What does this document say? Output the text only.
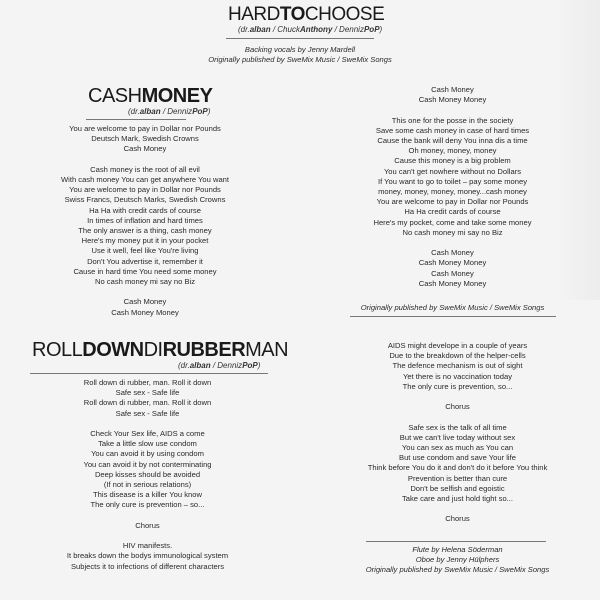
HARDTOCHOOSE
(dr.alban / ChuckAnthony / DennizPoP)
Backing vocals by Jenny Mardell
Originally published by SweMix Music / SweMix Songs
CASHMONEY
(dr.alban / DennizPoP)
You are welcome to pay in Dollar nor Pounds
Deutsch Mark, Swedish Crowns
Cash Money
Cash money is the root of all evil
With cash money You can get anywhere You want
You are welcome to pay in Dollar nor Pounds
Swiss Francs, Deutsch Marks, Swedish Crowns
Ha Ha with credit cards of course
In times of inflation and hard times
The only answer is a thing, cash money
Here's my money put it in your pocket
Use it well, feel like You're living
Don't You advertise it, remember it
Cause in hard time You need some money
No cash money mi say no Biz
Cash Money
Cash Money Money
Cash Money
Cash Money Money
This one for the posse in the society
Save some cash money in case of hard times
Cause the bank will deny You inna dis a time
Oh money, money, money
Cause this money is a big problem
You can't get nowhere without no Dollars
If You want to go to toilet – pay some money
money, money, money, money...cash money
You are welcome to pay in Dollar nor Pounds
Ha Ha credit cards of course
Here's my pocket, come and take some money
No cash money mi say no Biz
Cash Money
Cash Money Money
Cash Money
Cash Money Money
Originally published by SweMix Music / SweMix Songs
ROLLDOWNDIRUBBERMAN
(dr.alban / DennizPoP)
Roll down di rubber, man. Roll it down
Safe sex - Safe life
Roll down di rubber, man. Roll it down
Safe sex - Safe life
Check Your Sex life, AIDS a come
Take a little slow use condom
You can avoid it by using condom
You can avoid it by not conterminating
Deep kisses should be avoided
(If not in serious relations)
This disease is a killer You know
The only cure is prevention – so...
Chorus
HIV manifests.
It breaks down the bodys immunological system
Subjects it to infections of different characters
AIDS might develope in a couple of years
Due to the breakdown of the helper-cells
The defence mechanism is out of sight
Yet there is no vaccination today
The only cure is prevention, so...
Chorus
Safe sex is the talk of all time
But we can't live today without sex
You can sex as much as You can
But use condom and save Your life
Think before You do it and don't do it before You think
Prevention is better than cure
Don't be selfish and egoistic
Take care and just hold tight so...
Chorus
Flute by Helena Söderman
Oboe by Jenny Hülphers
Originally published by SweMix Music / SweMix Songs
